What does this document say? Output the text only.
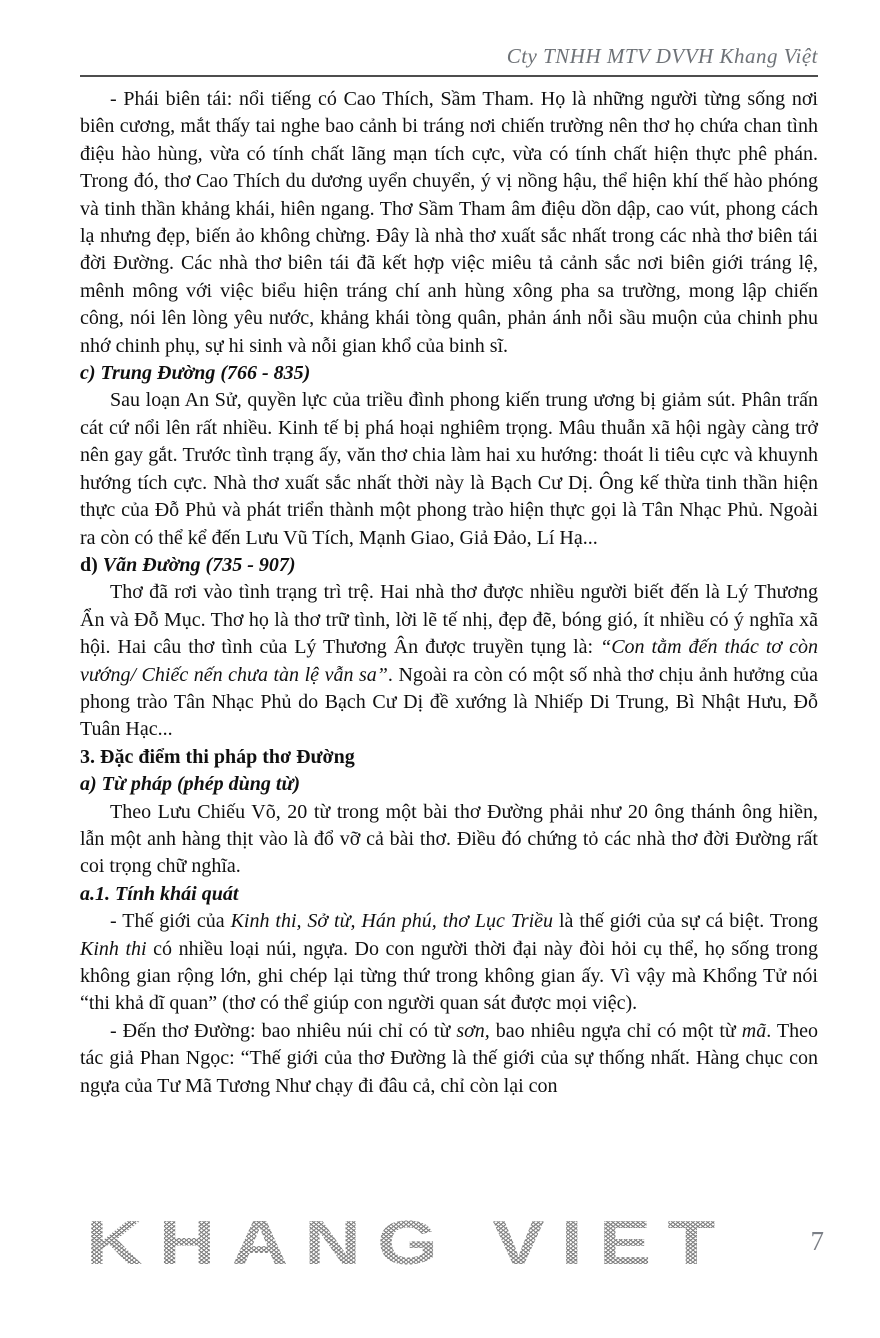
Cty TNHH MTV DVVH Khang Việt

- Phái biên tái: nổi tiếng có Cao Thích, Sầm Tham. Họ là những người từng sống nơi biên cương, mắt thấy tai nghe bao cảnh bi tráng nơi chiến trường nên thơ họ chứa chan tình điệu hào hùng, vừa có tính chất lãng mạn tích cực, vừa có tính chất hiện thực phê phán. Trong đó, thơ Cao Thích du dương uyển chuyển, ý vị nồng hậu, thể hiện khí thế hào phóng và tinh thần khảng khái, hiên ngang. Thơ Sầm Tham âm điệu dồn dập, cao vút, phong cách lạ nhưng đẹp, biến ảo không chừng. Đây là nhà thơ xuất sắc nhất trong các nhà thơ biên tái đời Đường. Các nhà thơ biên tái đã kết hợp việc miêu tả cảnh sắc nơi biên giới tráng lệ, mênh mông với việc biểu hiện tráng chí anh hùng xông pha sa trường, mong lập chiến công, nói lên lòng yêu nước, khảng khái tòng quân, phản ánh nỗi sầu muộn của chinh phu nhớ chinh phụ, sự hi sinh và nỗi gian khổ của binh sĩ.

c) Trung Đường (766 - 835)

Sau loạn An Sử, quyền lực của triều đình phong kiến trung ương bị giảm sút. Phân trấn cát cứ nổi lên rất nhiều. Kinh tế bị phá hoại nghiêm trọng. Mâu thuẫn xã hội ngày càng trở nên gay gắt. Trước tình trạng ấy, văn thơ chia làm hai xu hướng: thoát li tiêu cực và khuynh hướng tích cực. Nhà thơ xuất sắc nhất thời này là Bạch Cư Dị. Ông kế thừa tinh thần hiện thực của Đỗ Phủ và phát triển thành một phong trào hiện thực gọi là Tân Nhạc Phủ. Ngoài ra còn có thể kể đến Lưu Vũ Tích, Mạnh Giao, Giả Đảo, Lí Hạ...

d) Vãn Đường (735 - 907)

Thơ đã rơi vào tình trạng trì trệ. Hai nhà thơ được nhiều người biết đến là Lý Thương Ẩn và Đỗ Mục. Thơ họ là thơ trữ tình, lời lẽ tế nhị, đẹp đẽ, bóng gió, ít nhiều có ý nghĩa xã hội. Hai câu thơ tình của Lý Thương Ân được truyền tụng là: “Con tằm đến thác tơ còn vướng/ Chiếc nến chưa tàn lệ vẫn sa”. Ngoài ra còn có một số nhà thơ chịu ảnh hưởng của phong trào Tân Nhạc Phủ do Bạch Cư Dị đề xướng là Nhiếp Di Trung, Bì Nhật Hưu, Đỗ Tuân Hạc...

3. Đặc điểm thi pháp thơ Đường

a) Từ pháp (phép dùng từ)

Theo Lưu Chiếu Võ, 20 từ trong một bài thơ Đường phải như 20 ông thánh ông hiền, lẫn một anh hàng thịt vào là đổ vỡ cả bài thơ. Điều đó chứng tỏ các nhà thơ đời Đường rất coi trọng chữ nghĩa.

a.1. Tính khái quát

- Thế giới của Kinh thi, Sở từ, Hán phú, thơ Lục Triều là thế giới của sự cá biệt. Trong Kinh thi có nhiều loại núi, ngựa. Do con người thời đại này đòi hỏi cụ thể, họ sống trong không gian rộng lớn, ghi chép lại từng thứ trong không gian ấy. Vì vậy mà Khổng Tử nói “thi khả dĩ quan” (thơ có thể giúp con người quan sát được mọi việc).

- Đến thơ Đường: bao nhiêu núi chỉ có từ sơn, bao nhiêu ngựa chỉ có một từ mã. Theo tác giả Phan Ngọc: “Thế giới của thơ Đường là thế giới của sự thống nhất. Hàng chục con ngựa của Tư Mã Tương Như chạy đi đâu cả, chỉ còn lại con

KHANG VIET	7
